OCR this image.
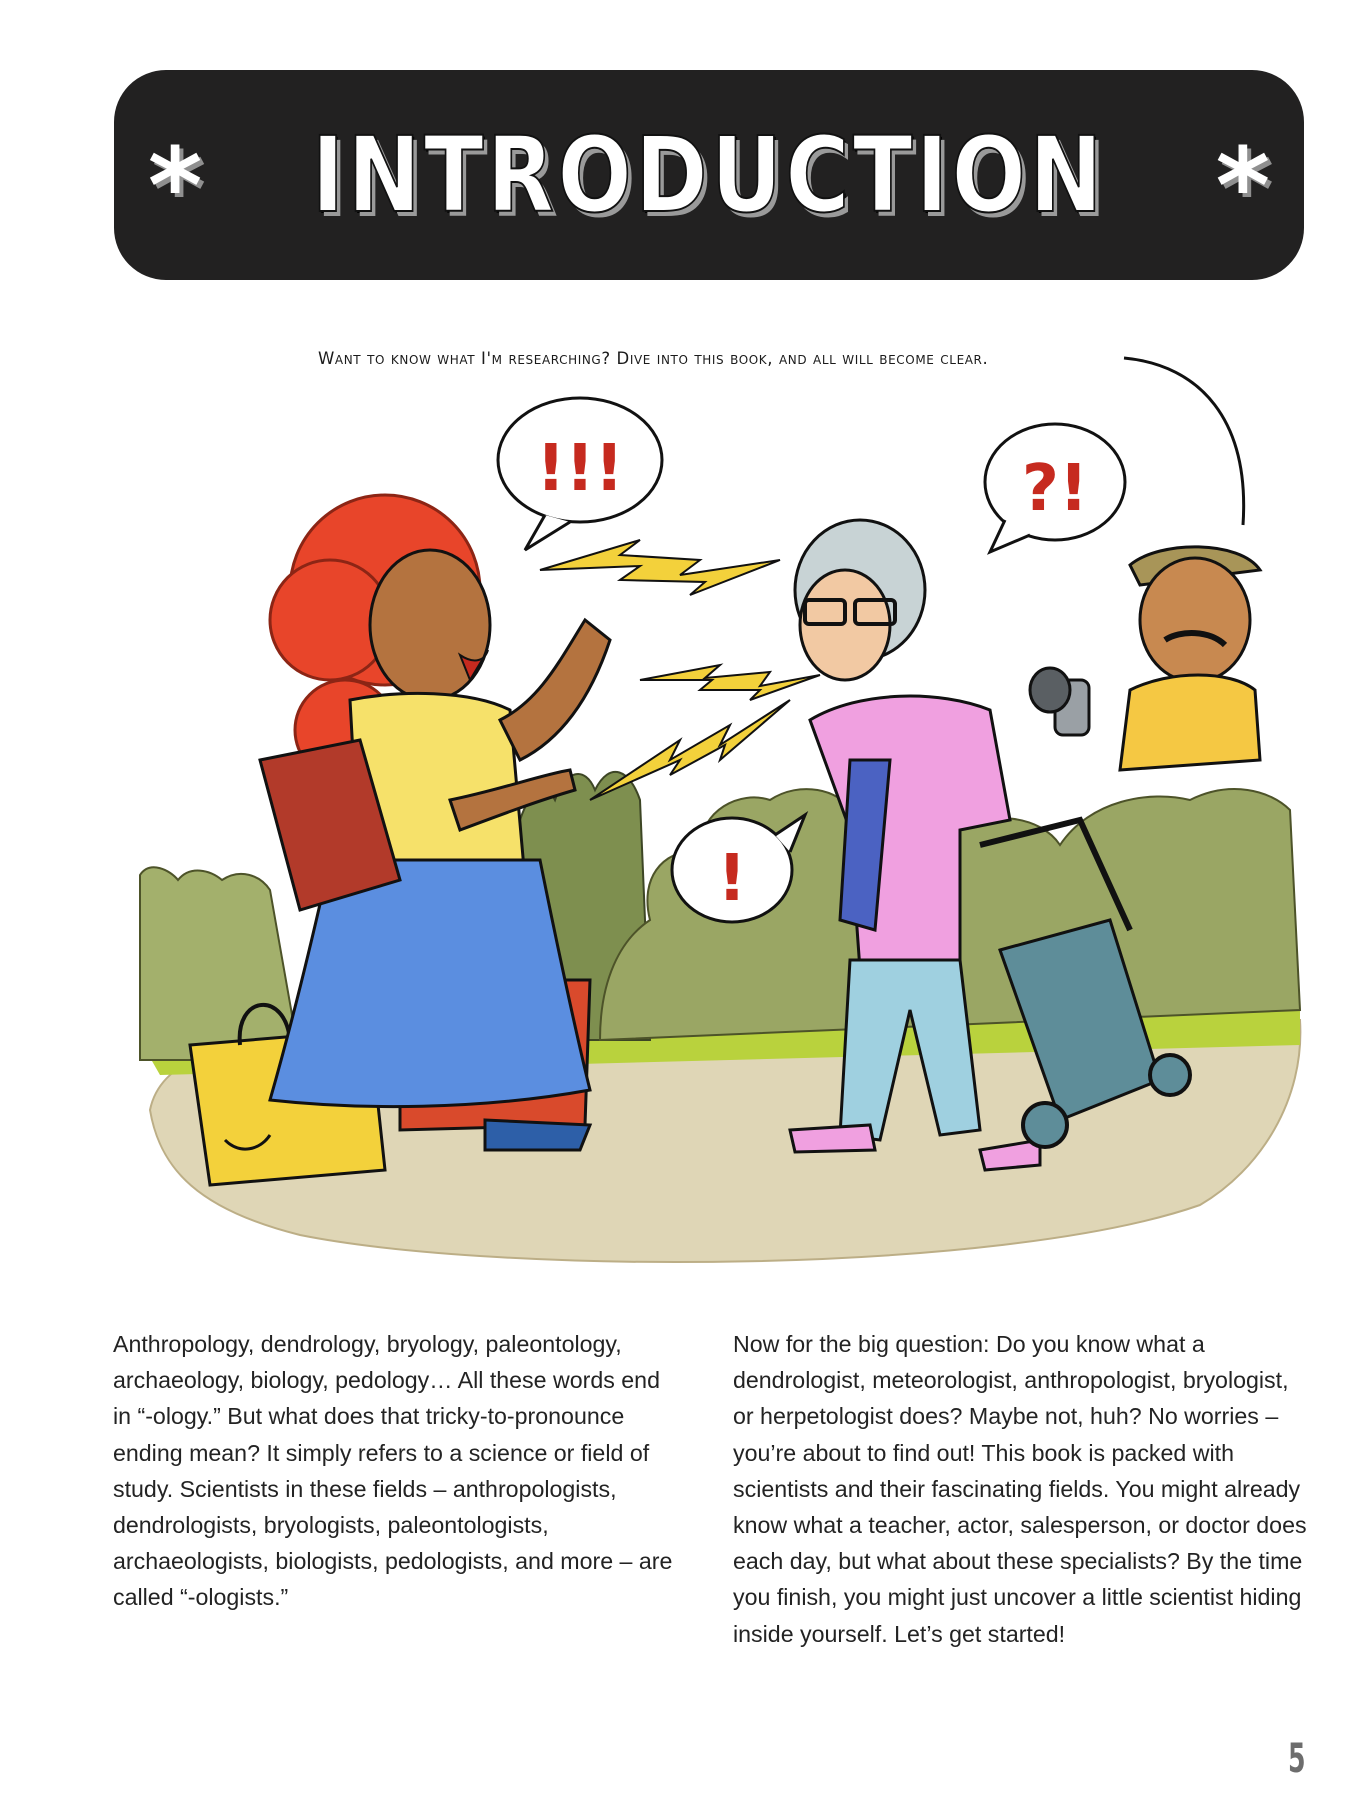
* INTRODUCTION *
Want to know what I'm researching? Dive into this book, and all will become clear.
?!
!!!
!
Anthropology, dendrology, bryology, paleontology, archaeology, biology, pedology… All these words end in “-ology.” But what does that tricky-to-pronounce ending mean? It simply refers to a science or field of study. Scientists in these fields – anthropologists, dendrologists, bryologists, paleontologists, archaeologists, biologists, pedologists, and more – are called “-ologists.”
Now for the big question: Do you know what a dendrologist, meteorologist, anthropologist, bryologist, or herpetologist does? Maybe not, huh? No worries – you’re about to find out! This book is packed with scientists and their fascinating fields. You might already know what a teacher, actor, salesperson, or doctor does each day, but what about these specialists? By the time you finish, you might just uncover a little scientist hiding inside yourself. Let’s get started!
5
